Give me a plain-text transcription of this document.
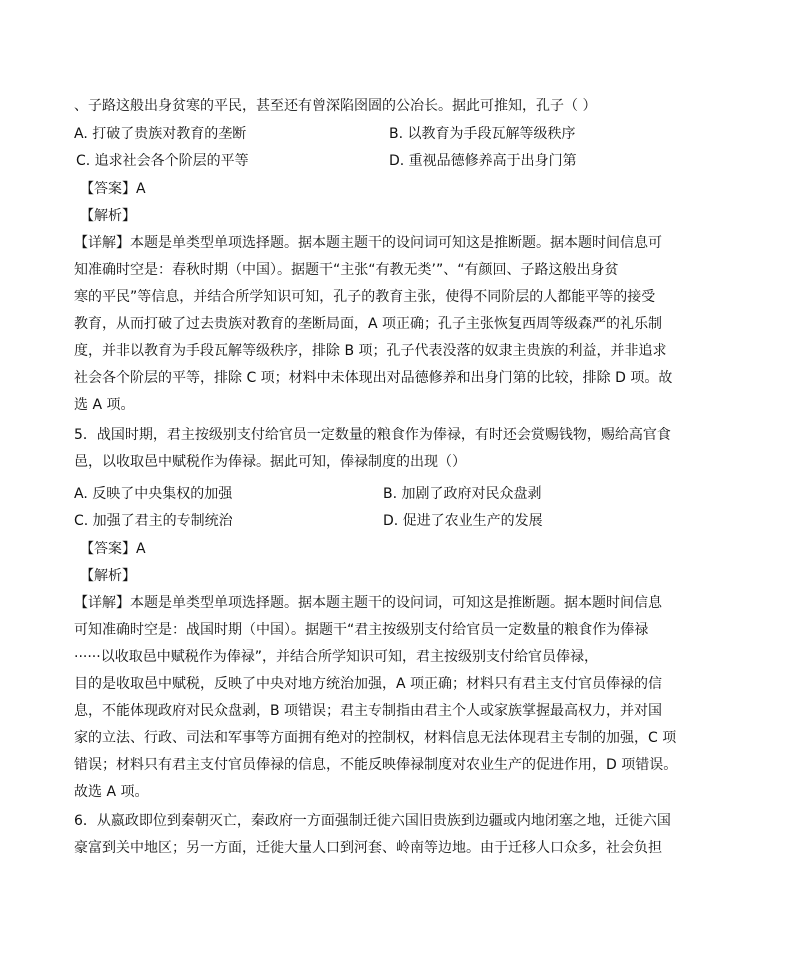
、子路这般出身贫寒的平民，甚至还有曾深陷囹圄的公冶长。据此可推知，孔子（ ）
A. 打破了贵族对教育的垄断	B. 以教育为手段瓦解等级秩序
C. 追求社会各个阶层的平等	D. 重视品德修养高于出身门第
【答案】A
【解析】
【详解】本题是单类型单项选择题。据本题主题干的设问词可知这是推断题。据本题时间信息可
知准确时空是：春秋时期（中国）。据题干“主张“有教无类’”、“有颜回、子路这般出身贫
寒的平民”等信息，并结合所学知识可知，孔子的教育主张，使得不同阶层的人都能平等的接受
教育，从而打破了过去贵族对教育的垄断局面，A 项正确；孔子主张恢复西周等级森严的礼乐制
度，并非以教育为手段瓦解等级秩序，排除 B 项；孔子代表没落的奴隶主贵族的利益，并非追求
社会各个阶层的平等，排除 C 项；材料中未体现出对品德修养和出身门第的比较，排除 D 项。故
选 A 项。
5．战国时期，君主按级别支付给官员一定数量的粮食作为俸禄，有时还会赏赐钱物，赐给高官食
邑，以收取邑中赋税作为俸禄。据此可知，俸禄制度的出现（）
A. 反映了中央集权的加强	B. 加剧了政府对民众盘剥
C. 加强了君主的专制统治	D. 促进了农业生产的发展
【答案】A
【解析】
【详解】本题是单类型单项选择题。据本题主题干的设问词，可知这是推断题。据本题时间信息
可知准确时空是：战国时期（中国）。据题干“君主按级别支付给官员一定数量的粮食作为俸禄
······以收取邑中赋税作为俸禄”，并结合所学知识可知，君主按级别支付给官员俸禄，
目的是收取邑中赋税，反映了中央对地方统治加强，A 项正确；材料只有君主支付官员俸禄的信
息，不能体现政府对民众盘剥，B 项错误；君主专制指由君主个人或家族掌握最高权力，并对国
家的立法、行政、司法和军事等方面拥有绝对的控制权，材料信息无法体现君主专制的加强，C 项
错误；材料只有君主支付官员俸禄的信息，不能反映俸禄制度对农业生产的促进作用，D 项错误。
故选 A 项。
6．从嬴政即位到秦朝灭亡，秦政府一方面强制迁徙六国旧贵族到边疆或内地闭塞之地，迁徙六国
豪富到关中地区；另一方面，迁徙大量人口到河套、岭南等边地。由于迁移人口众多，社会负担
